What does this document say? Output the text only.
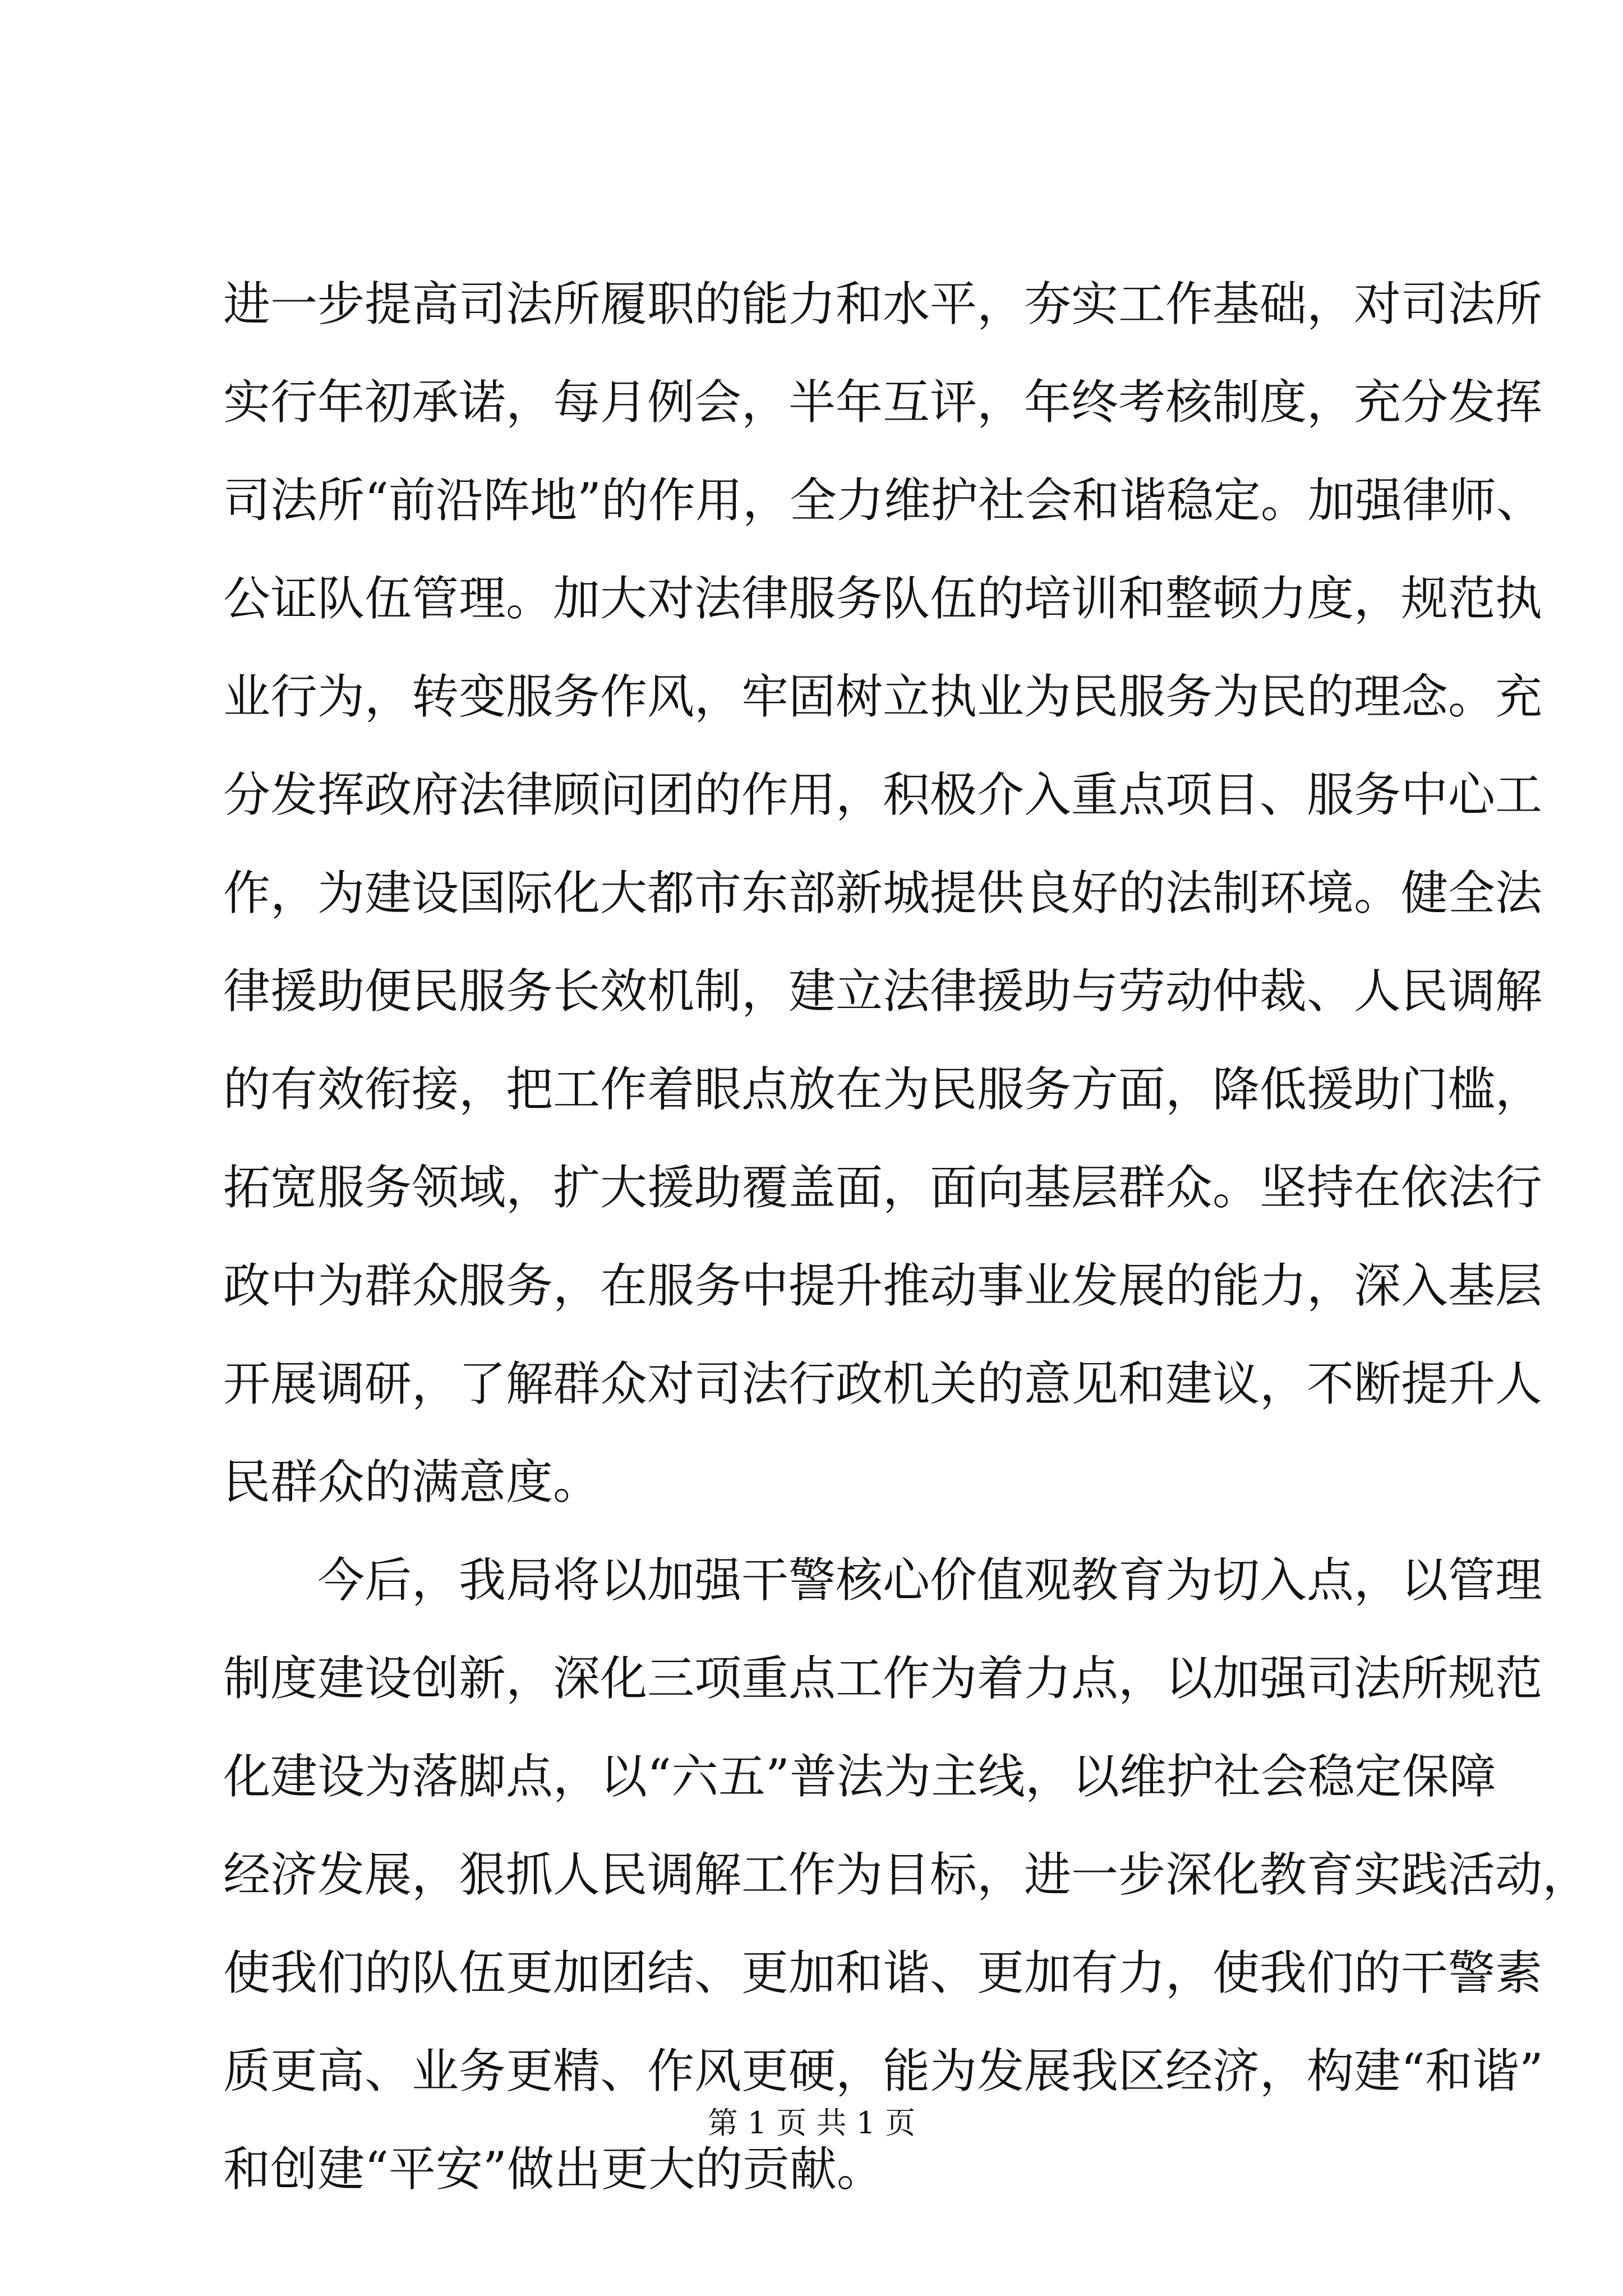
进一步提高司法所履职的能力和水平，夯实工作基础，对司法所
实行年初承诺，每月例会，半年互评，年终考核制度，充分发挥
司法所“前沿阵地”的作用，全力维护社会和谐稳定。加强律师、
公证队伍管理。加大对法律服务队伍的培训和整顿力度，规范执
业行为，转变服务作风，牢固树立执业为民服务为民的理念。充
分发挥政府法律顾问团的作用，积极介入重点项目、服务中心工
作，为建设国际化大都市东部新城提供良好的法制环境。健全法
律援助便民服务长效机制，建立法律援助与劳动仲裁、人民调解
的有效衔接，把工作着眼点放在为民服务方面，降低援助门槛，
拓宽服务领域，扩大援助覆盖面，面向基层群众。坚持在依法行
政中为群众服务，在服务中提升推动事业发展的能力，深入基层
开展调研，了解群众对司法行政机关的意见和建议，不断提升人
民群众的满意度。
今后，我局将以加强干警核心价值观教育为切入点，以管理
制度建设创新，深化三项重点工作为着力点，以加强司法所规范
化建设为落脚点，以“六五”普法为主线，以维护社会稳定保障
经济发展，狠抓人民调解工作为目标，进一步深化教育实践活动，
使我们的队伍更加团结、更加和谐、更加有力，使我们的干警素
质更高、业务更精、作风更硬，能为发展我区经济，构建“和谐”
和创建“平安”做出更大的贡献。
第 1 页 共 1 页
